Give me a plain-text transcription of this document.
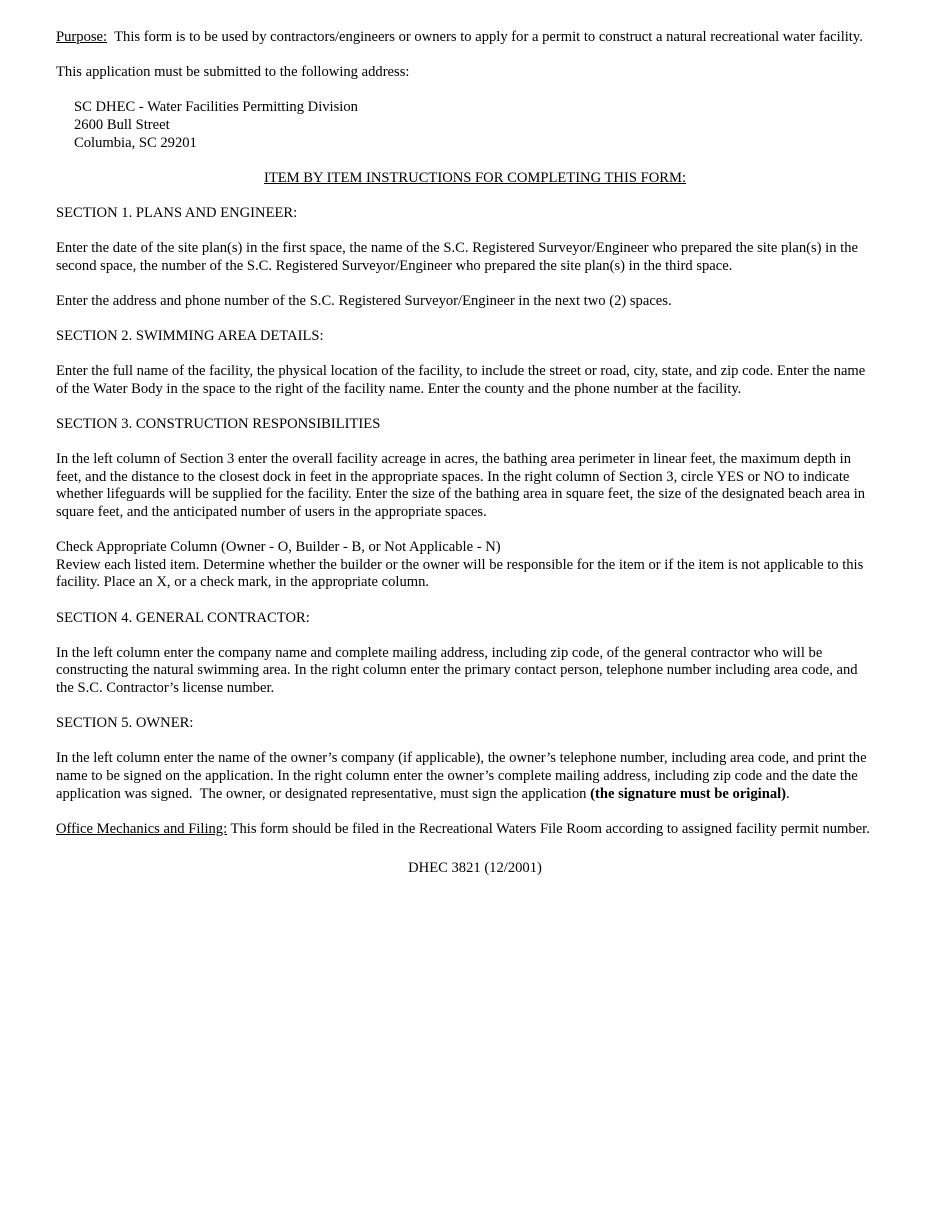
Purpose:  This form is to be used by contractors/engineers or owners to apply for a permit to construct a natural recreational water facility.
This application must be submitted to the following address:
SC DHEC - Water Facilities Permitting Division
2600 Bull Street
Columbia, SC 29201
ITEM BY ITEM INSTRUCTIONS FOR COMPLETING THIS FORM:
SECTION 1. PLANS AND ENGINEER:
Enter the date of the site plan(s) in the first space, the name of the S.C. Registered Surveyor/Engineer who prepared the site plan(s) in the
second space, the number of the S.C. Registered Surveyor/Engineer who prepared the site plan(s) in the third space.
Enter the address and phone number of the S.C. Registered Surveyor/Engineer in the next two (2) spaces.
SECTION 2. SWIMMING AREA DETAILS:
Enter the full name of the facility, the physical location of the facility, to include the street or road, city, state, and zip code. Enter the name
of the Water Body in the space to the right of the facility name. Enter the county and the phone number at the facility.
SECTION 3. CONSTRUCTION RESPONSIBILITIES
In the left column of Section 3 enter the overall facility acreage in acres, the bathing area perimeter in linear feet, the maximum depth in
feet, and the distance to the closest dock in feet in the appropriate spaces. In the right column of Section 3, circle YES or NO to indicate
whether lifeguards will be supplied for the facility. Enter the size of the bathing area in square feet, the size of the designated beach area in
square feet, and the anticipated number of users in the appropriate spaces.
Check Appropriate Column (Owner - O, Builder - B, or Not Applicable - N)
Review each listed item. Determine whether the builder or the owner will be responsible for the item or if the item is not applicable to this
facility. Place an X, or a check mark, in the appropriate column.
SECTION 4. GENERAL CONTRACTOR:
In the left column enter the company name and complete mailing address, including zip code, of the general contractor who will be
constructing the natural swimming area. In the right column enter the primary contact person, telephone number including area code, and
the S.C. Contractor’s license number.
SECTION 5. OWNER:
In the left column enter the name of the owner’s company (if applicable), the owner’s telephone number, including area code, and print the
name to be signed on the application. In the right column enter the owner’s complete mailing address, including zip code and the date the
application was signed.  The owner, or designated representative, must sign the application (the signature must be original).
Office Mechanics and Filing: This form should be filed in the Recreational Waters File Room according to assigned facility permit number.
DHEC 3821 (12/2001)
